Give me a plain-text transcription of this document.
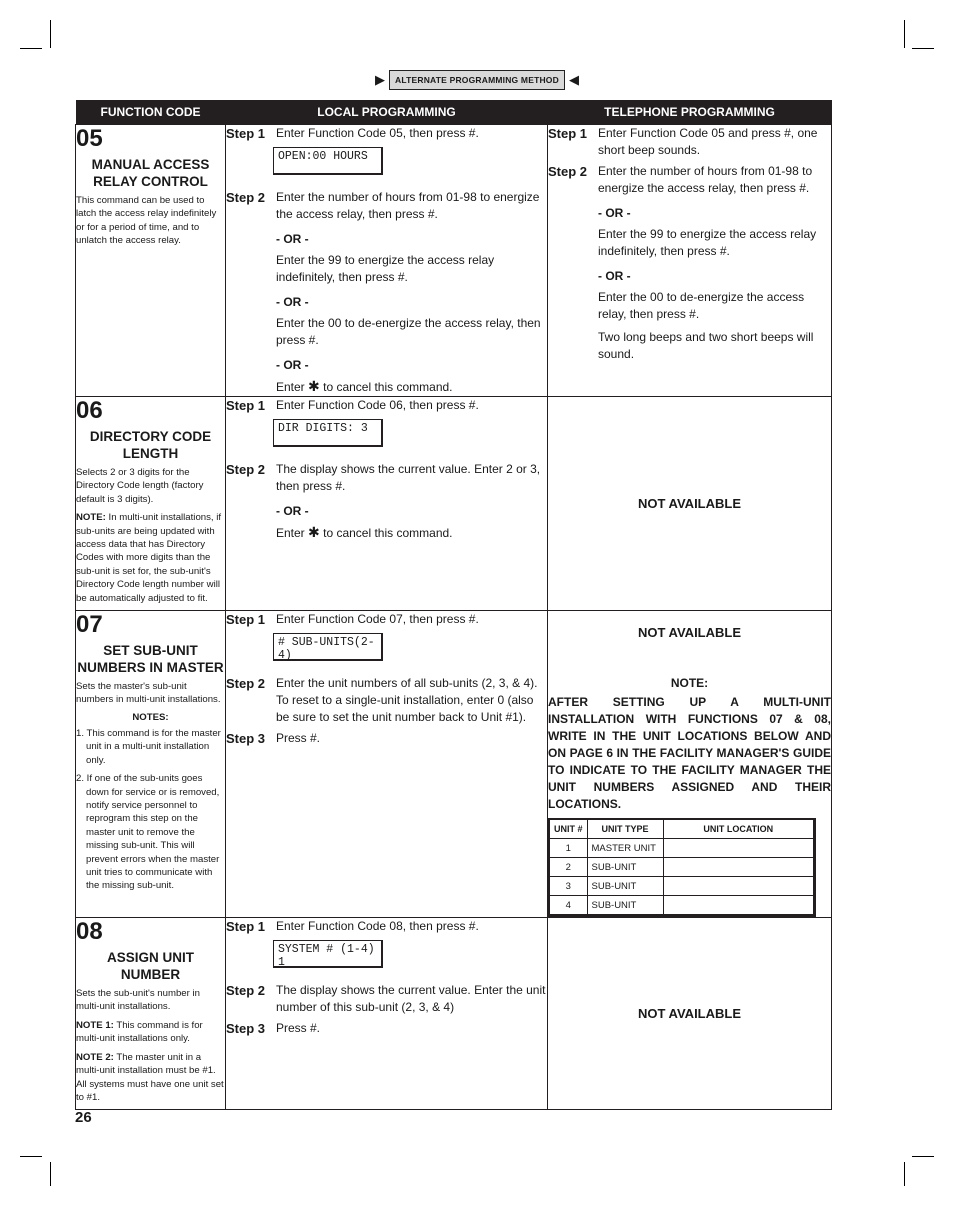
▶	ALTERNATE PROGRAMMING METHOD ◀
FUNCTION CODE	LOCAL PROGRAMMING	TELEPHONE PROGRAMMING

05
MANUAL ACCESS RELAY CONTROL
This command can be used to latch the access relay indefinitely or for a period of time, and to unlatch the access relay.

Step 1 Enter Function Code 05, then press #.
OPEN:00 HOURS
Step 2 Enter the number of hours from 01-98 to energize the access relay, then press #.
- OR -
Enter the 99 to energize the access relay indefinitely, then press #.
- OR -
Enter the 00 to de-energize the access relay, then press #.
- OR -
Enter ✱ to cancel this command.

Step 1 Enter Function Code 05 and press #, one short beep sounds.
Step 2 Enter the number of hours from 01-98 to energize the access relay, then press #.
- OR -
Enter the 99 to energize the access relay indefinitely, then press #.
- OR -
Enter the 00 to de-energize the access relay, then press #.
Two long beeps and two short beeps will sound.

06
DIRECTORY CODE LENGTH
Selects 2 or 3 digits for the Directory Code length (factory default is 3 digits).
NOTE: In multi-unit installations, if sub-units are being updated with access data that has Directory Codes with more digits than the sub-unit is set for, the sub-unit's Directory Code length number will be automatically adjusted to fit.

Step 1 Enter Function Code 06, then press #.
DIR DIGITS: 3
Step 2 The display shows the current value. Enter 2 or 3, then press #.
- OR -
Enter ✱ to cancel this command.

NOT AVAILABLE

07
SET SUB-UNIT NUMBERS IN MASTER
Sets the master's sub-unit numbers in multi-unit installations.
NOTES:
1. This command is for the master unit in a multi-unit installation only.
2. If one of the sub-units goes down for service or is removed, notify service personnel to reprogram this step on the master unit to remove the missing sub-unit. This will prevent errors when the master unit tries to communicate with the missing sub-unit.

Step 1 Enter Function Code 07, then press #.
# SUB-UNITS(2-4)
Step 2 Enter the unit numbers of all sub-units (2, 3, & 4). To reset to a single-unit installation, enter 0 (also be sure to set the unit number back to Unit #1).
Step 3 Press #.

NOT AVAILABLE
NOTE:
AFTER SETTING UP A MULTI-UNIT INSTALLATION WITH FUNCTIONS 07 & 08, WRITE IN THE UNIT LOCATIONS BELOW AND ON PAGE 6 IN THE FACILITY MANAGER'S GUIDE TO INDICATE TO THE FACILITY MANAGER THE UNIT NUMBERS ASSIGNED AND THEIR LOCATIONS.
UNIT #	UNIT TYPE	UNIT LOCATION
1	MASTER UNIT	
2	SUB-UNIT	
3	SUB-UNIT	
4	SUB-UNIT	

08
ASSIGN UNIT NUMBER
Sets the sub-unit's number in multi-unit installations.
NOTE 1: This command is for multi-unit installations only.
NOTE 2: The master unit in a multi-unit installation must be #1. All systems must have one unit set to #1.

Step 1 Enter Function Code 08, then press #.
SYSTEM # (1-4) 1
Step 2 The display shows the current value. Enter the unit number of this sub-unit (2, 3, & 4)
Step 3 Press #.

NOT AVAILABLE
26
